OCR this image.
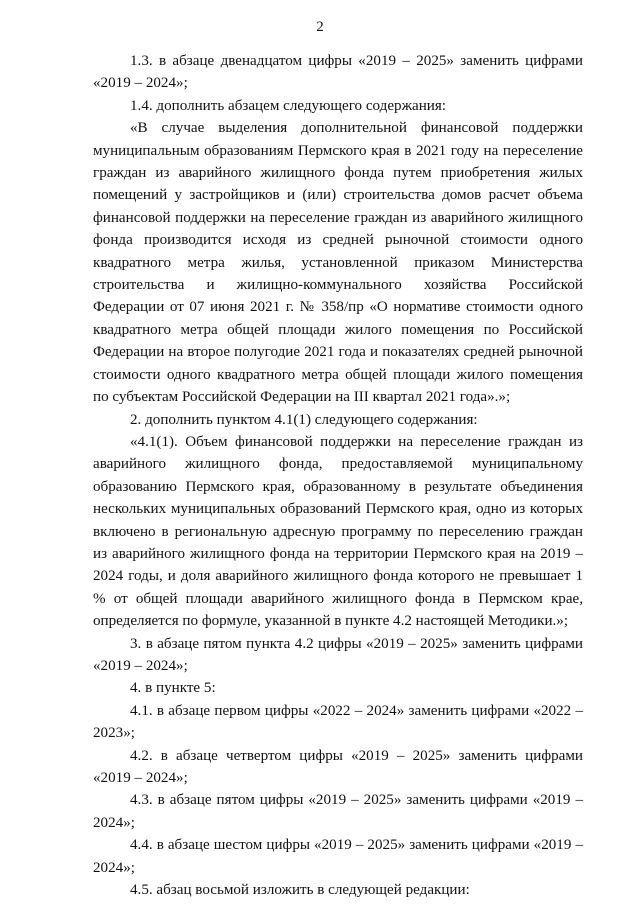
2

1.3. в абзаце двенадцатом цифры «2019 – 2025» заменить цифрами «2019 – 2024»;

1.4. дополнить абзацем следующего содержания:

«В случае выделения дополнительной финансовой поддержки муниципальным образованиям Пермского края в 2021 году на переселение граждан из аварийного жилищного фонда путем приобретения жилых помещений у застройщиков и (или) строительства домов расчет объема финансовой поддержки на переселение граждан из аварийного жилищного фонда производится исходя из средней рыночной стоимости одного квадратного метра жилья, установленной приказом Министерства строительства и жилищно-коммунального хозяйства Российской Федерации от 07 июня 2021 г. № 358/пр «О нормативе стоимости одного квадратного метра общей площади жилого помещения по Российской Федерации на второе полугодие 2021 года и показателях средней рыночной стоимости одного квадратного метра общей площади жилого помещения по субъектам Российской Федерации на III квартал 2021 года».»;

2. дополнить пунктом 4.1(1) следующего содержания:

«4.1(1). Объем финансовой поддержки на переселение граждан из аварийного жилищного фонда, предоставляемой муниципальному образованию Пермского края, образованному в результате объединения нескольких муниципальных образований Пермского края, одно из которых включено в региональную адресную программу по переселению граждан из аварийного жилищного фонда на территории Пермского края на 2019 – 2024 годы, и доля аварийного жилищного фонда которого не превышает 1 % от общей площади аварийного жилищного фонда в Пермском крае, определяется по формуле, указанной в пункте 4.2 настоящей Методики.»;

3. в абзаце пятом пункта 4.2 цифры «2019 – 2025» заменить цифрами «2019 – 2024»;

4. в пункте 5:

4.1. в абзаце первом цифры «2022 – 2024» заменить цифрами «2022 – 2023»;

4.2. в абзаце четвертом цифры «2019 – 2025» заменить цифрами «2019 – 2024»;

4.3. в абзаце пятом цифры «2019 – 2025» заменить цифрами «2019 – 2024»;

4.4. в абзаце шестом цифры «2019 – 2025» заменить цифрами «2019 – 2024»;

4.5. абзац восьмой изложить в следующей редакции:
